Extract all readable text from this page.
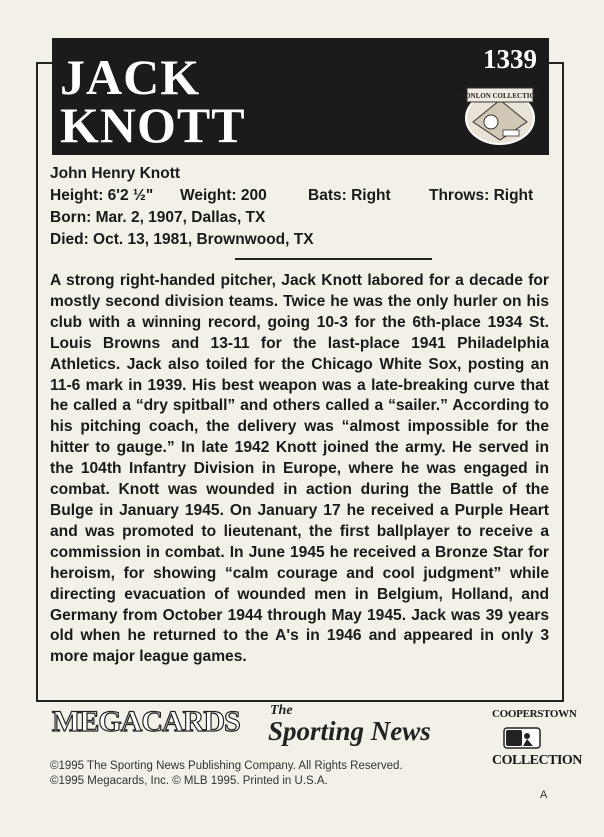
JACK
KNOTT
1339
CONLON COLLECTION
John Henry Knott
Height: 6'2 ½" Weight: 200	Bats: Right Throws: Right
Born: Mar. 2, 1907, Dallas, TX
Died: Oct. 13, 1981, Brownwood, TX
A strong right-handed pitcher, Jack Knott labored for a decade for mostly second division teams. Twice he was the only hurler on his club with a winning record, going 10-3 for the 6th-place 1934 St. Louis Browns and 13-11 for the last-place 1941 Philadelphia Athletics. Jack also toiled for the Chicago White Sox, posting an 11-6 mark in 1939. His best weapon was a late-breaking curve that he called a “dry spitball” and others called a “sailer.” According to his pitching coach, the delivery was “almost impossible for the hitter to gauge.” In late 1942 Knott joined the army. He served in the 104th Infantry Division in Europe, where he was engaged in combat. Knott was wounded in action during the Battle of the Bulge in January 1945. On January 17 he received a Purple Heart and was promoted to lieutenant, the first ballplayer to receive a commission in combat. In June 1945 he received a Bronze Star for heroism, for showing “calm courage and cool judgment” while directing evacuation of wounded men in Belgium, Holland, and Germany from October 1944 through May 1945. Jack was 39 years old when he returned to the A's in 1946 and appeared in only 3 more major league games.
MEGACARDS The
Sporting News
COOPERSTOWN
COLLECTION
©1995 The Sporting News Publishing Company. All Rights Reserved.
©1995 Megacards, Inc. © MLB 1995. Printed in U.S.A.
A
